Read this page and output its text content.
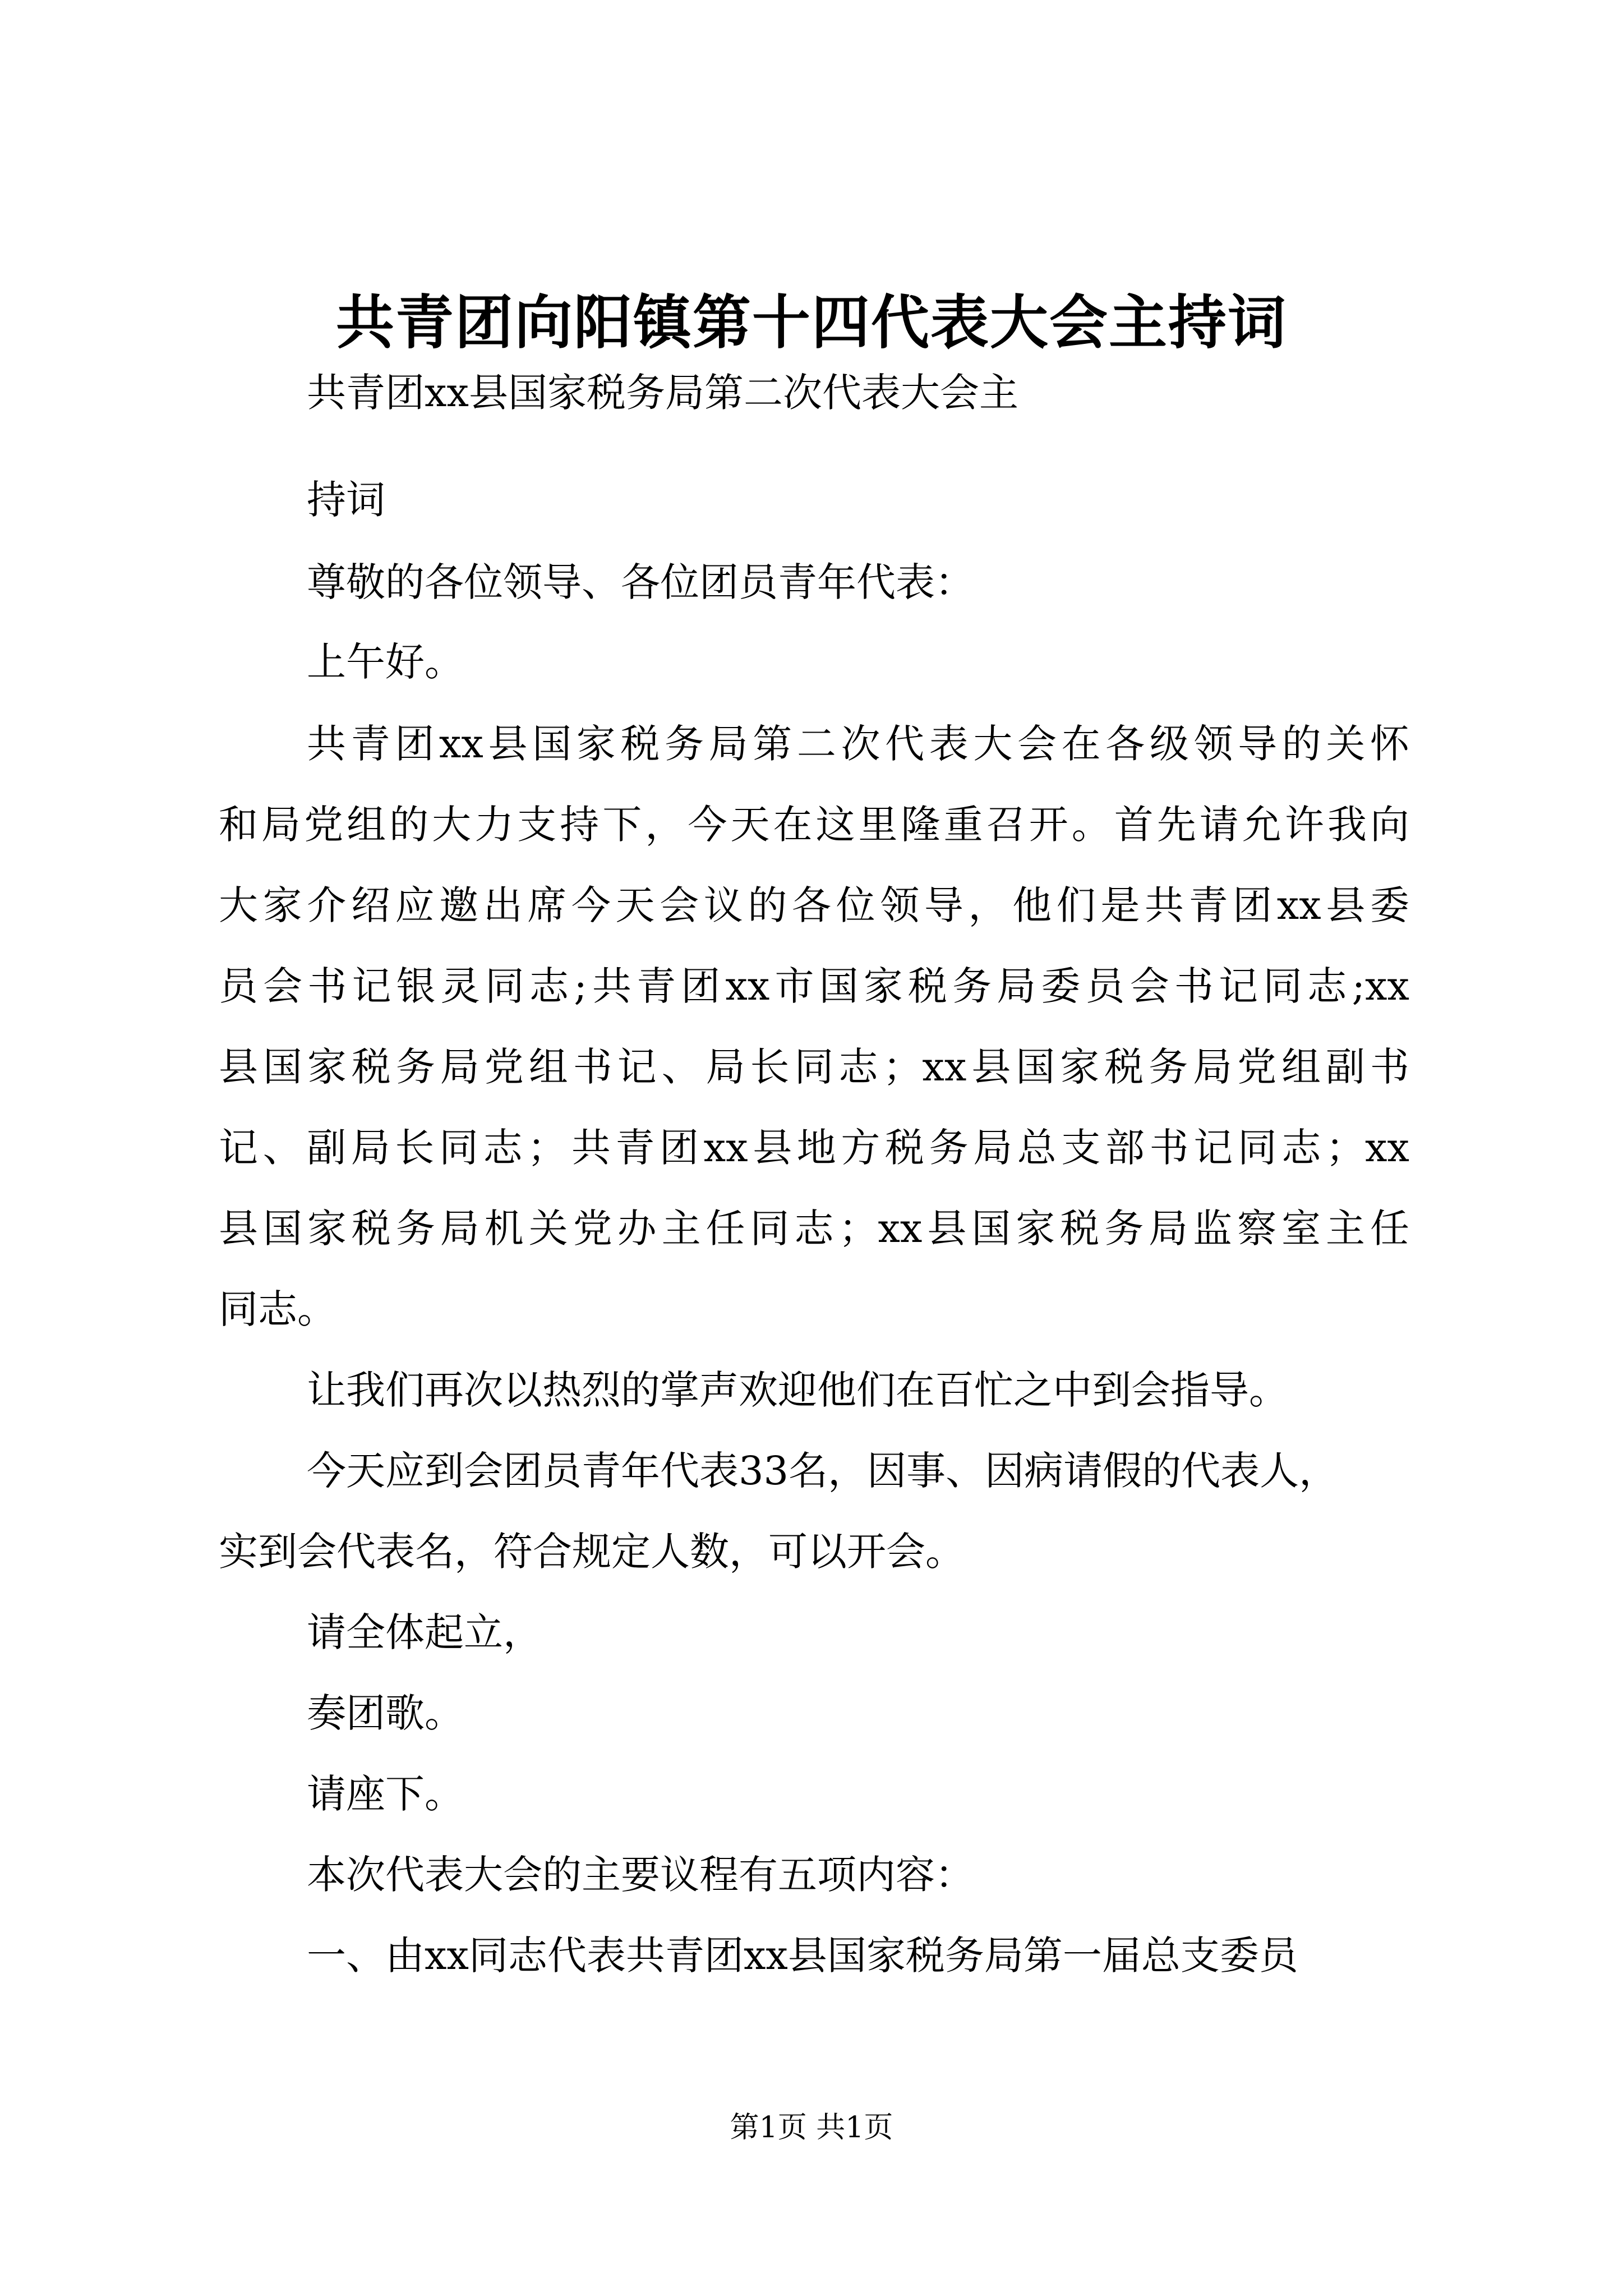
共青团向阳镇第十四代表大会主持词
共青团xx县国家税务局第二次代表大会主
持词
尊敬的各位领导、各位团员青年代表：
上午好。
共青团xx县国家税务局第二次代表大会在各级领导的关怀
和局党组的大力支持下，今天在这里隆重召开。首先请允许我向
大家介绍应邀出席今天会议的各位领导，他们是共青团xx县委
员会书记银灵同志;共青团xx市国家税务局委员会书记同志;xx
县国家税务局党组书记、局长同志；xx县国家税务局党组副书
记、副局长同志；共青团xx县地方税务局总支部书记同志；xx
县国家税务局机关党办主任同志；xx县国家税务局监察室主任
同志。
让我们再次以热烈的掌声欢迎他们在百忙之中到会指导。
今天应到会团员青年代表33名，因事、因病请假的代表人，
实到会代表名，符合规定人数，可以开会。
请全体起立，
奏团歌。
请座下。
本次代表大会的主要议程有五项内容：
一、由xx同志代表共青团xx县国家税务局第一届总支委员
第1页 共1页
